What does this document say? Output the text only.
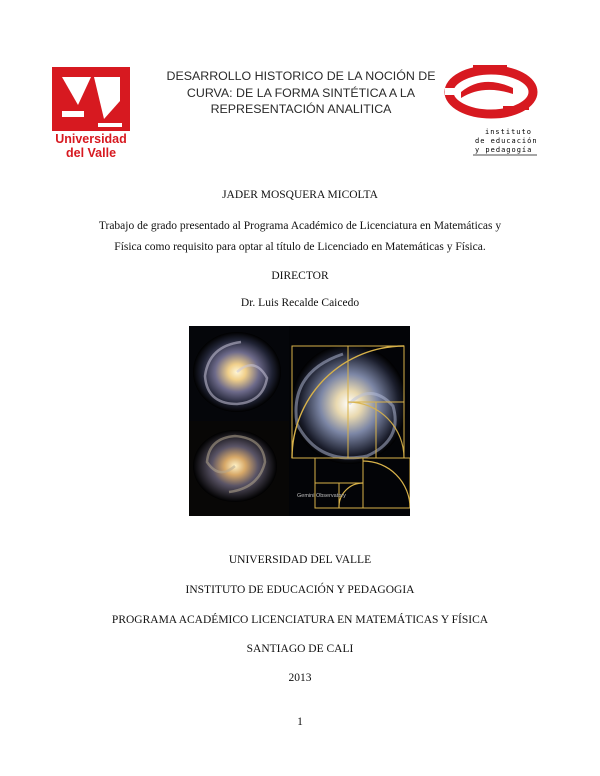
Universidad
del Valle
DESARROLLO HISTORICO DE LA NOCIÓN DE
CURVA: DE LA FORMA SINTÉTICA A LA
REPRESENTACIÓN ANALITICA
instituto
de educación
y pedagogía
JADER MOSQUERA MICOLTA
Trabajo de grado presentado al Programa Académico de Licenciatura en Matemáticas y
Física como requisito para optar al título de Licenciado en Matemáticas y Física.
DIRECTOR
Dr. Luis Recalde Caicedo
Gemini Observatory
UNIVERSIDAD DEL VALLE
INSTITUTO DE EDUCACIÓN Y PEDAGOGIA
PROGRAMA ACADÉMICO LICENCIATURA EN MATEMÁTICAS Y FÍSICA
SANTIAGO DE CALI
2013
1
